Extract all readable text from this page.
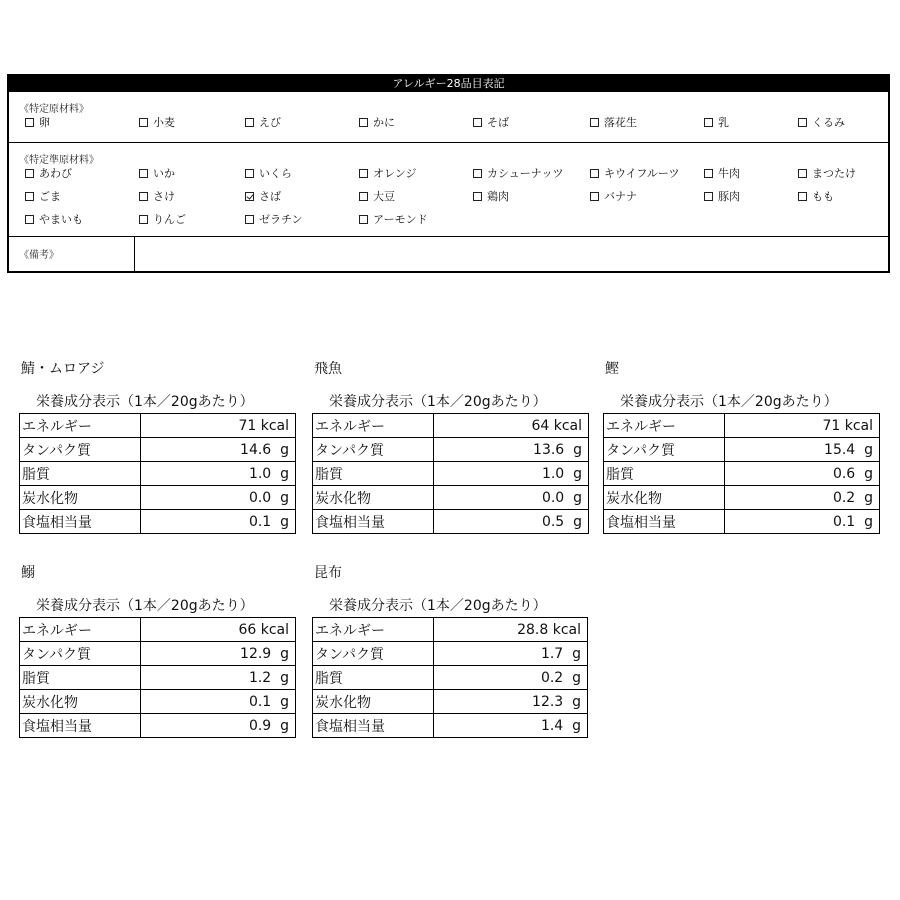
アレルギー28品目表記
《特定原材料》
卵	小麦	えび	かに	そば	落花生	乳	くるみ
《特定準原材料》
あわび	いか	いくら	オレンジ	カシューナッツ	キウイフルーツ	牛肉	まつたけ
ごま	さけ	さば	大豆	鶏肉	バナナ	豚肉	もも
やまいも	りんご	ゼラチン	アーモンド
《備考》
鯖・ムロアジ
栄養成分表示（1本／20gあたり）
エネルギー	71 kcal
タンパク質	14.6  g
脂質	1.0  g
炭水化物	0.0  g
食塩相当量	0.1  g
飛魚
栄養成分表示（1本／20gあたり）
エネルギー	64 kcal
タンパク質	13.6  g
脂質	1.0  g
炭水化物	0.0  g
食塩相当量	0.5  g
鰹
栄養成分表示（1本／20gあたり）
エネルギー	71 kcal
タンパク質	15.4  g
脂質	0.6  g
炭水化物	0.2  g
食塩相当量	0.1  g
鰯
栄養成分表示（1本／20gあたり）
エネルギー	66 kcal
タンパク質	12.9  g
脂質	1.2  g
炭水化物	0.1  g
食塩相当量	0.9  g
昆布
栄養成分表示（1本／20gあたり）
エネルギー	28.8 kcal
タンパク質	1.7  g
脂質	0.2  g
炭水化物	12.3  g
食塩相当量	1.4  g
